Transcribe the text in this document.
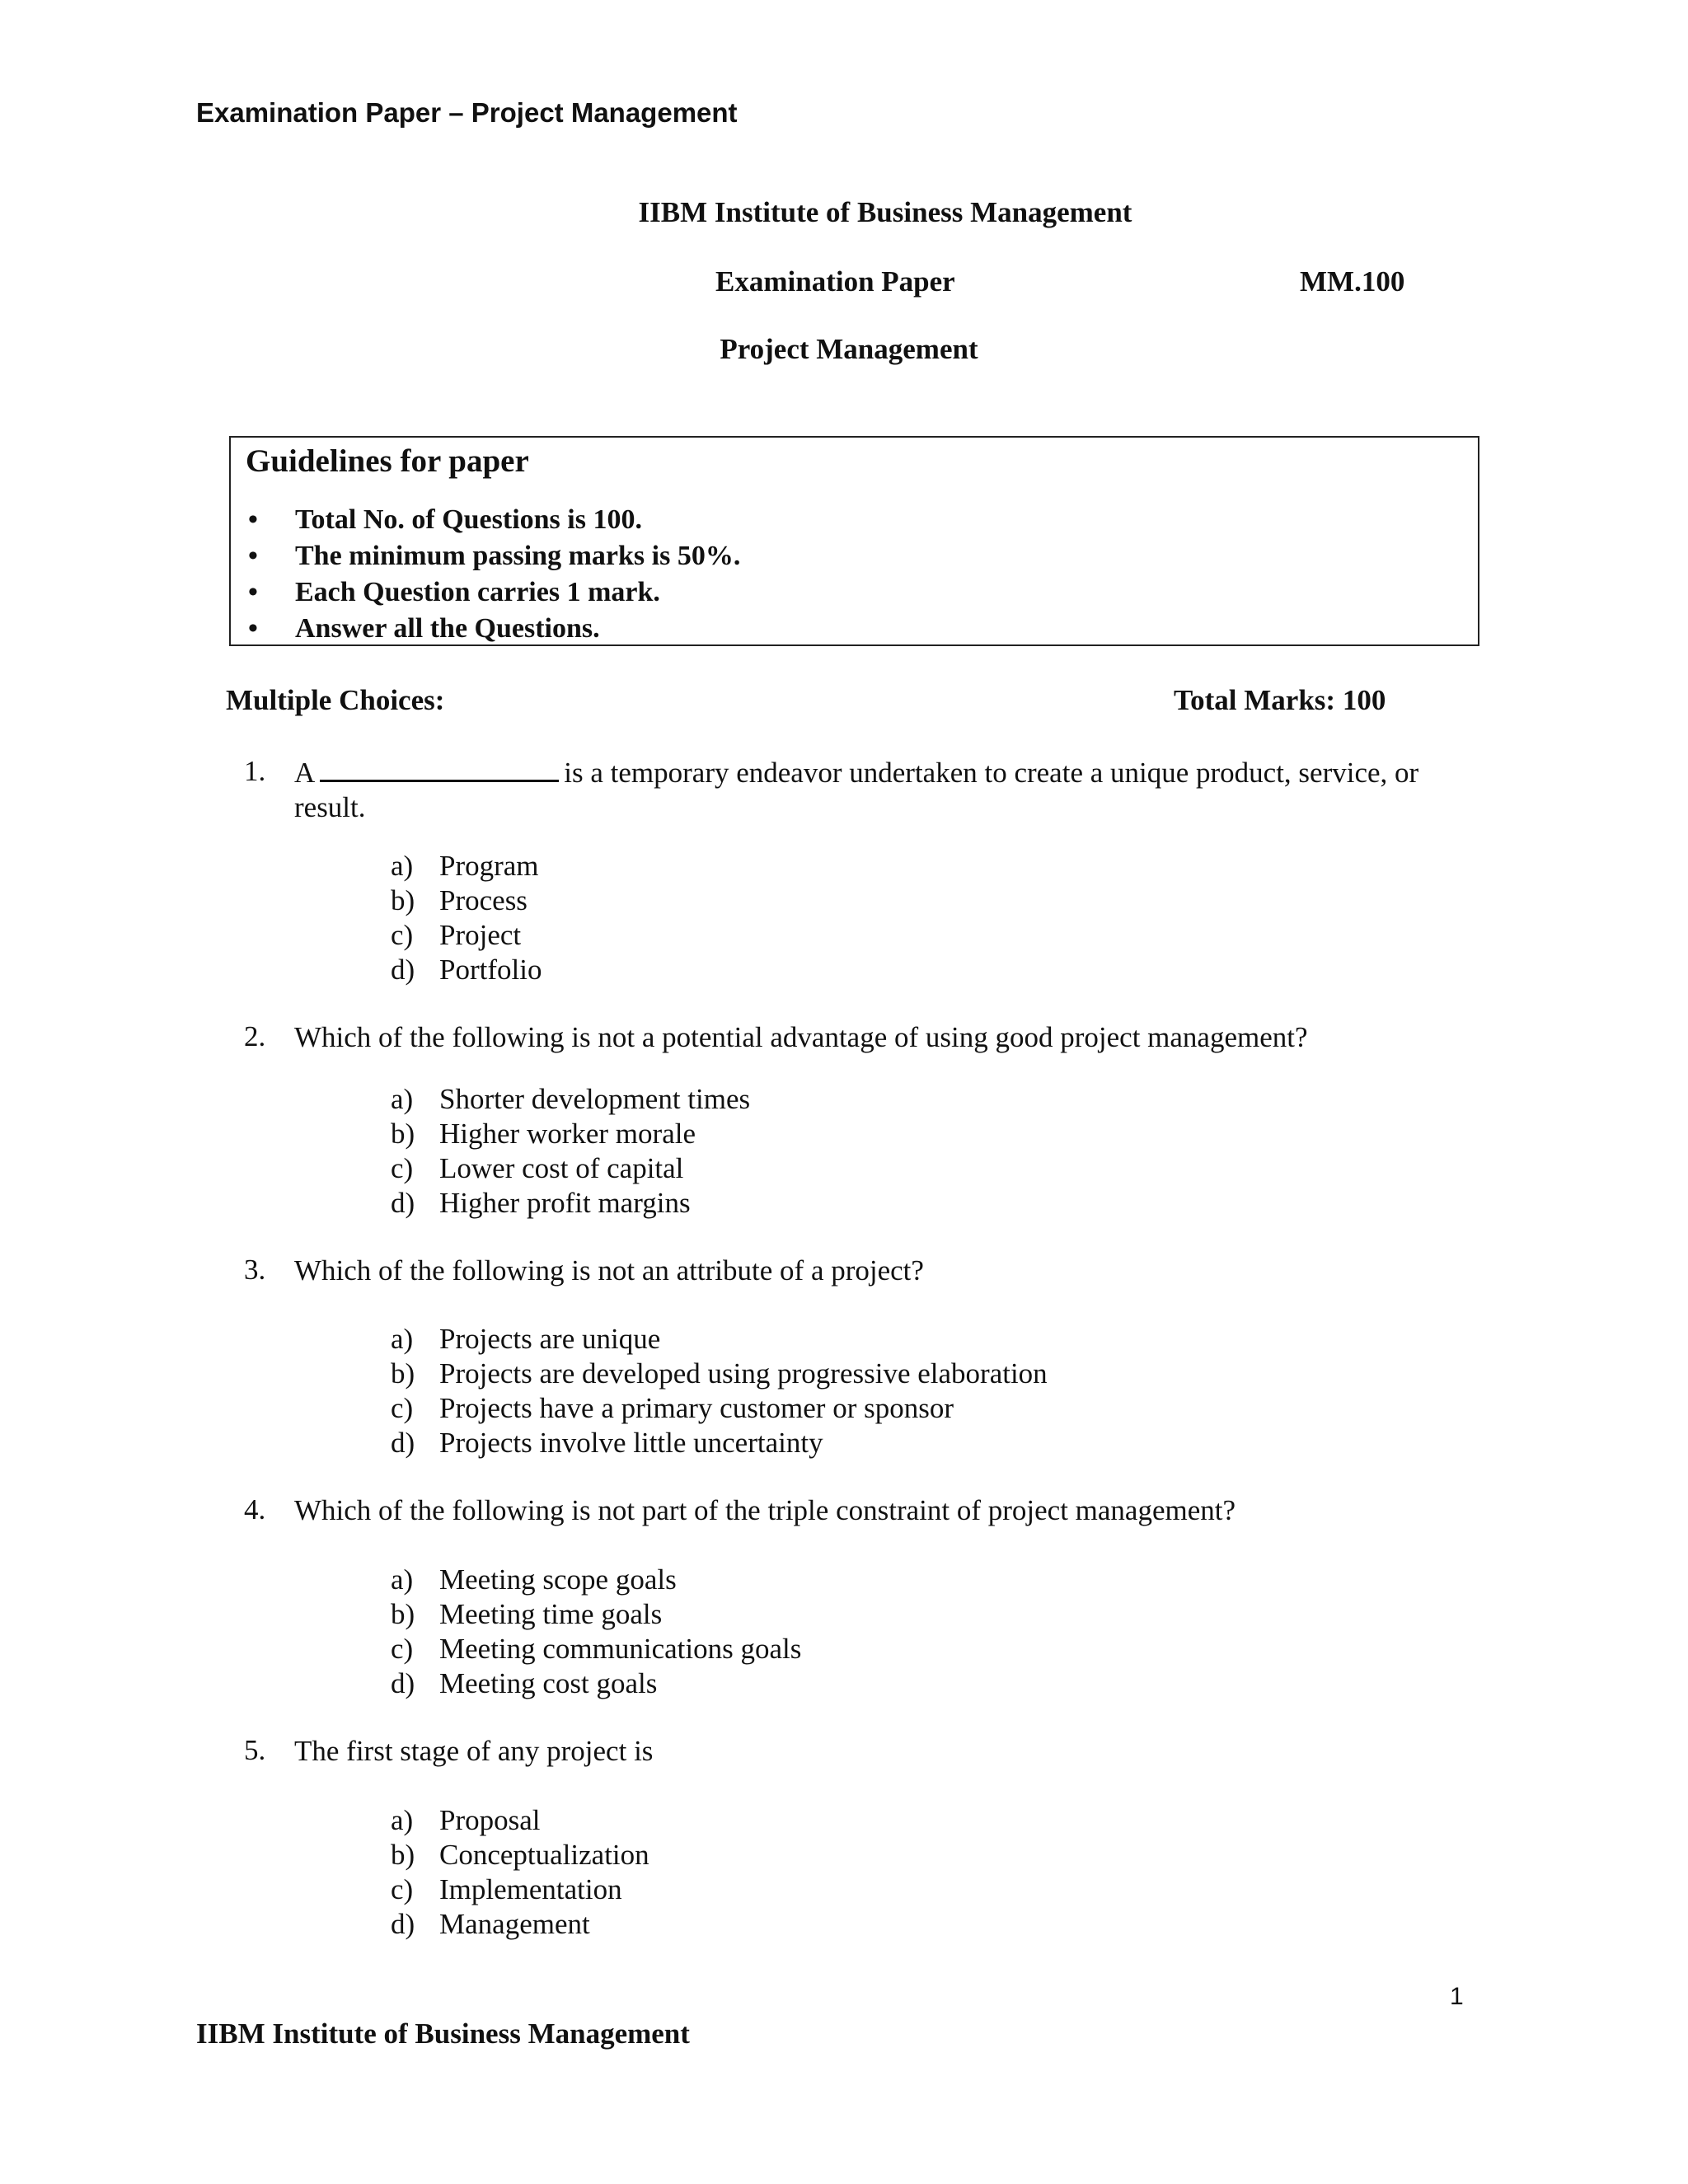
Examination Paper – Project Management
IIBM Institute of Business Management
Examination Paper	MM.100
Project Management
Guidelines for paper
• Total No. of Questions is 100.
• The minimum passing marks is 50%.
• Each Question carries 1 mark.
• Answer all the Questions.
Multiple Choices:	Total Marks: 100
1. A	is a temporary endeavor undertaken to create a unique product, service, or result.
a) Program
b) Process
c) Project
d) Portfolio
2. Which of the following is not a potential advantage of using good project management?
a) Shorter development times
b) Higher worker morale
c) Lower cost of capital
d) Higher profit margins
3. Which of the following is not an attribute of a project?
a) Projects are unique
b) Projects are developed using progressive elaboration
c) Projects have a primary customer or sponsor
d) Projects involve little uncertainty
4. Which of the following is not part of the triple constraint of project management?
a) Meeting scope goals
b) Meeting time goals
c) Meeting communications goals
d) Meeting cost goals
5. The first stage of any project is
a) Proposal
b) Conceptualization
c) Implementation
d) Management
1
IIBM Institute of Business Management
